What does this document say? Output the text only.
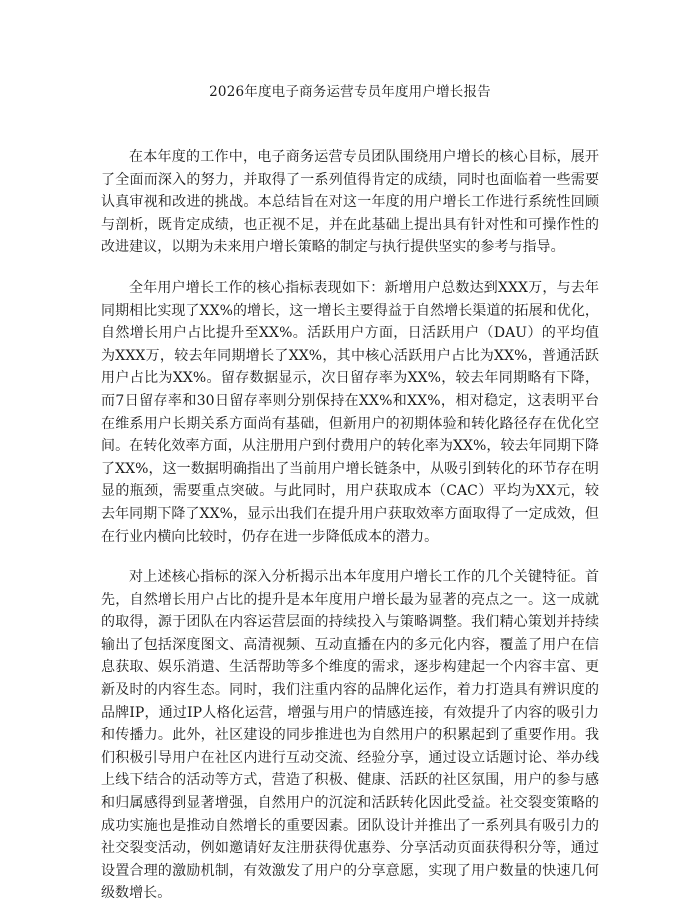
2026年度电子商务运营专员年度用户增长报告

在本年度的工作中，电子商务运营专员团队围绕用户增长的核心目标，展开了全面而深入的努力，并取得了一系列值得肯定的成绩，同时也面临着一些需要认真审视和改进的挑战。本总结旨在对这一年度的用户增长工作进行系统性回顾与剖析，既肯定成绩，也正视不足，并在此基础上提出具有针对性和可操作性的改进建议，以期为未来用户增长策略的制定与执行提供坚实的参考与指导。

全年用户增长工作的核心指标表现如下：新增用户总数达到XXX万，与去年同期相比实现了XX%的增长，这一增长主要得益于自然增长渠道的拓展和优化，自然增长用户占比提升至XX%。活跃用户方面，日活跃用户（DAU）的平均值为XXX万，较去年同期增长了XX%，其中核心活跃用户占比为XX%，普通活跃用户占比为XX%。留存数据显示，次日留存率为XX%，较去年同期略有下降，而7日留存率和30日留存率则分别保持在XX%和XX%，相对稳定，这表明平台在维系用户长期关系方面尚有基础，但新用户的初期体验和转化路径存在优化空间。在转化效率方面，从注册用户到付费用户的转化率为XX%，较去年同期下降了XX%，这一数据明确指出了当前用户增长链条中，从吸引到转化的环节存在明显的瓶颈，需要重点突破。与此同时，用户获取成本（CAC）平均为XX元，较去年同期下降了XX%，显示出我们在提升用户获取效率方面取得了一定成效，但在行业内横向比较时，仍存在进一步降低成本的潜力。

对上述核心指标的深入分析揭示出本年度用户增长工作的几个关键特征。首先，自然增长用户占比的提升是本年度用户增长最为显著的亮点之一。这一成就的取得，源于团队在内容运营层面的持续投入与策略调整。我们精心策划并持续输出了包括深度图文、高清视频、互动直播在内的多元化内容，覆盖了用户在信息获取、娱乐消遣、生活帮助等多个维度的需求，逐步构建起一个内容丰富、更新及时的内容生态。同时，我们注重内容的品牌化运作，着力打造具有辨识度的品牌IP，通过IP人格化运营，增强与用户的情感连接，有效提升了内容的吸引力和传播力。此外，社区建设的同步推进也为自然用户的积累起到了重要作用。我们积极引导用户在社区内进行互动交流、经验分享，通过设立话题讨论、举办线上线下结合的活动等方式，营造了积极、健康、活跃的社区氛围，用户的参与感和归属感得到显著增强，自然用户的沉淀和活跃转化因此受益。社交裂变策略的成功实施也是推动自然增长的重要因素。团队设计并推出了一系列具有吸引力的社交裂变活动，例如邀请好友注册获得优惠券、分享活动页面获得积分等，通过设置合理的激励机制，有效激发了用户的分享意愿，实现了用户数量的快速几何级数增长。
